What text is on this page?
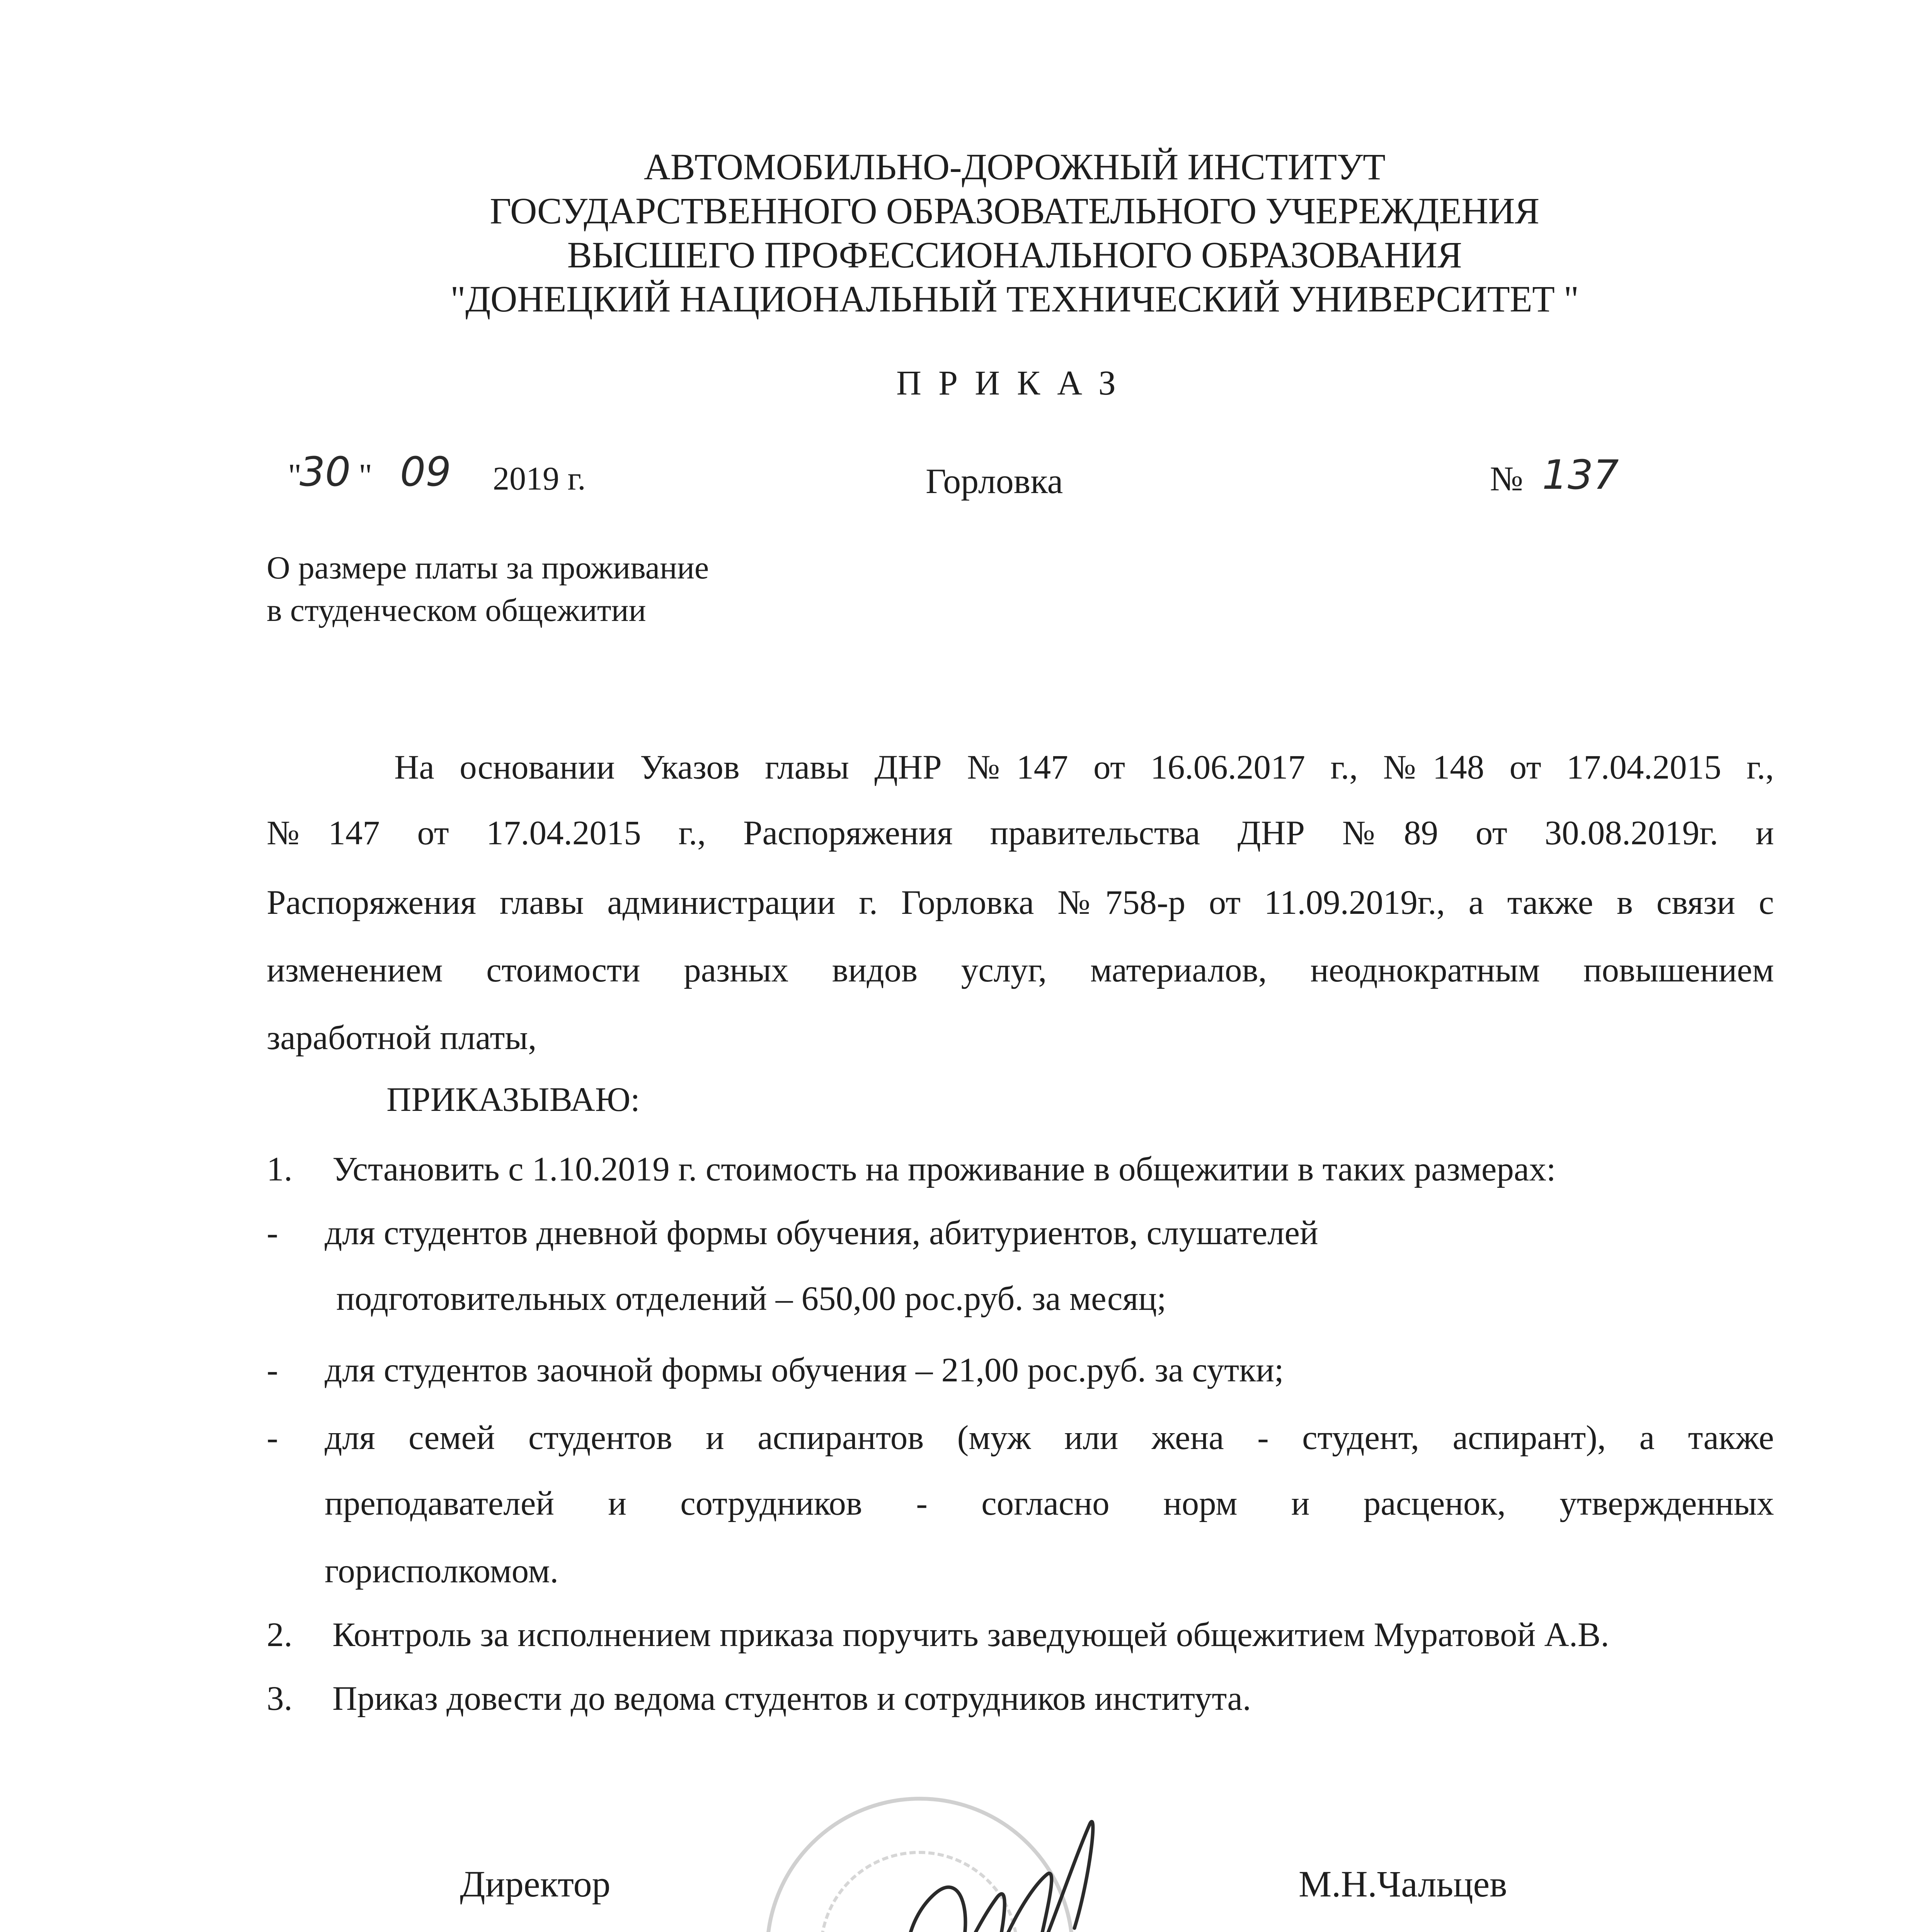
АВТОМОБИЛЬНО-ДОРОЖНЫЙ ИНСТИТУТ
ГОСУДАРСТВЕННОГО ОБРАЗОВАТЕЛЬНОГО УЧЕРЕЖДЕНИЯ
ВЫСШЕГО ПРОФЕССИОНАЛЬНОГО ОБРАЗОВАНИЯ
"ДОНЕЦКИЙ НАЦИОНАЛЬНЫЙ ТЕХНИЧЕСКИЙ УНИВЕРСИТЕТ "
ПРИКАЗ
"
30 " 09 2019 г.	Горловка	№ 137
О размере платы за проживание
в студенческом общежитии
На основании Указов главы ДНР №147 от 16.06.2017 г., №148 от 17.04.2015 г.,
№147 от 17.04.2015 г., Распоряжения правительства ДНР №89 от 30.08.2019г. и
Распоряжения главы администрации г. Горловка №758-р от 11.09.2019г., а также в связи с
изменением стоимости разных видов услуг, материалов, неоднократным повышением
заработной платы,
ПРИКАЗЫВАЮ:
1. Установить с 1.10.2019 г. стоимость на проживание в общежитии в таких размерах:
- для студентов дневной формы обучения, абитуриентов, слушателей
подготовительных отделений – 650,00 рос.руб. за месяц;
- для студентов заочной формы обучения – 21,00 рос.руб. за сутки;
- для семей студентов и аспирантов (муж или жена - студент, аспирант), а также
преподавателей и сотрудников - согласно норм и расценок, утвержденных
горисполкомом.
2. Контроль за исполнением приказа поручить заведующей общежитием Муратовой А.В.
3. Приказ довести до ведома студентов и сотрудников института.
Директор	М.Н.Чальцев
